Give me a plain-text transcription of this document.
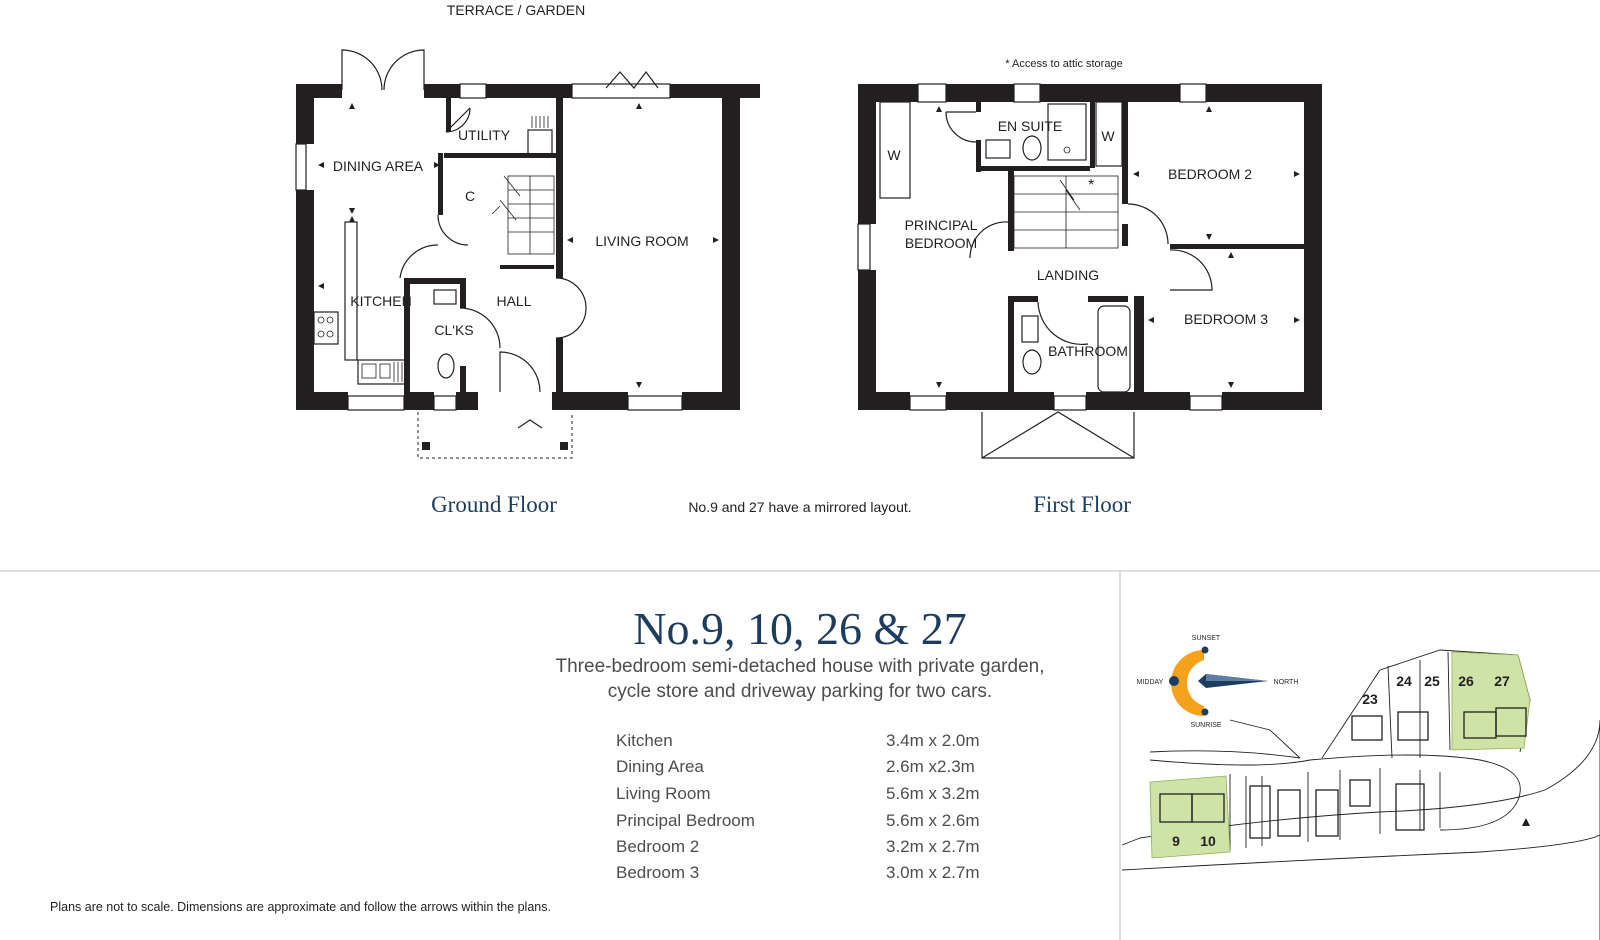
TERRACE / GARDEN
DINING AREA
UTILITY
C
LIVING ROOM
KITCHEN	HALL
CL'KS
Ground Floor	No.9 and 27 have a mirrored layout.
* Access to attic storage
*
EN SUITE
W
W
BEDROOM 2
PRINCIPAL
BEDROOM
LANDING
BEDROOM 3
BATHROOM
First Floor
No.9, 10, 26 & 27
Three-bedroom semi-detached house with private garden,
cycle store and driveway parking for two cars.
Kitchen	3.4m x 2.0m
Dining Area	2.6m x2.3m
Living Room	5.6m x 3.2m
Principal Bedroom	5.6m x 2.6m
Bedroom 2	3.2m x 2.7m
Bedroom 3	3.0m x 2.7m
Plans are not to scale. Dimensions are approximate and follow the arrows within the plans.
SUNSET
MIDDAY	NORTH
SUNRISE
23
24 25 26 27
9 10
